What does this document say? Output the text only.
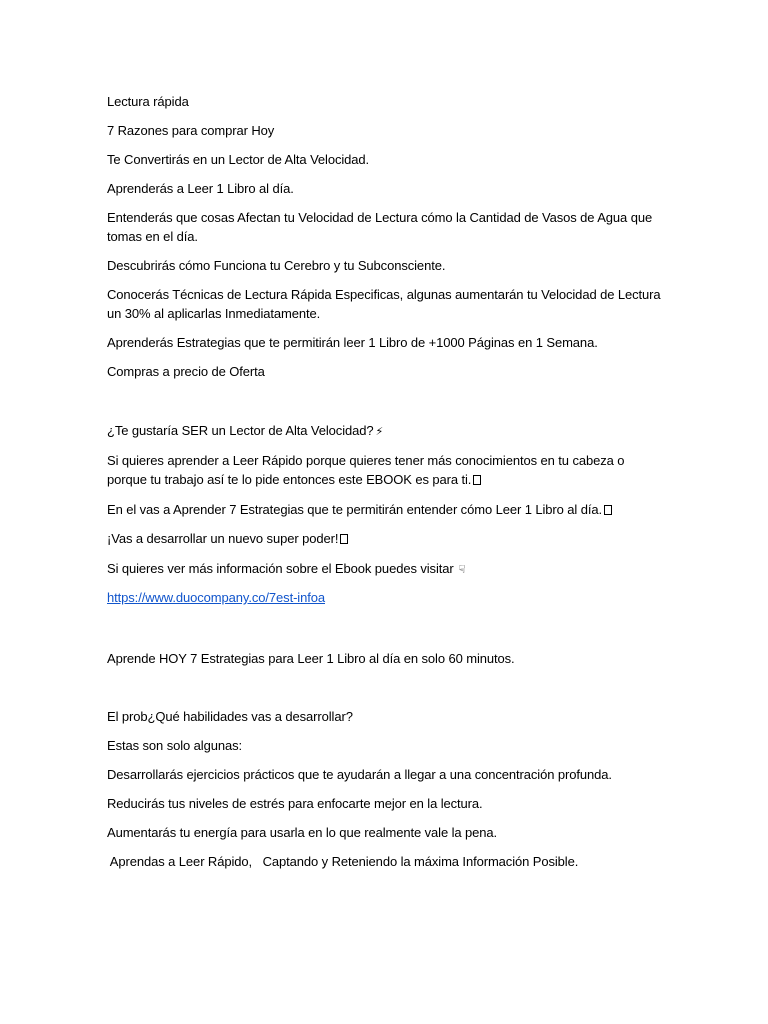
Lectura rápida
7 Razones para comprar Hoy
Te Convertirás en un Lector de Alta Velocidad.
Aprenderás a Leer 1 Libro al día.
Entenderás que cosas Afectan tu Velocidad de Lectura cómo la Cantidad de Vasos de Agua que tomas en el día.
Descubrirás cómo Funciona tu Cerebro y tu Subconsciente.
Conocerás Técnicas de Lectura Rápida Especificas, algunas aumentarán tu Velocidad de Lectura un 30% al aplicarlas Inmediatamente.
Aprenderás Estrategias que te permitirán leer 1 Libro de +1000 Páginas en 1 Semana.
Compras a precio de Oferta
¿Te gustaría SER un Lector de Alta Velocidad? ⚡
Si quieres aprender a Leer Rápido porque quieres tener más conocimientos en tu cabeza o porque tu trabajo así te lo pide entonces este EBOOK es para ti.
En el vas a Aprender 7 Estrategias que te permitirán entender cómo Leer 1 Libro al día.
¡Vas a desarrollar un nuevo super poder!
Si quieres ver más información sobre el Ebook puedes visitar ☟
https://www.duocompany.co/7est-infoa
Aprende HOY 7 Estrategias para Leer 1 Libro al día en solo 60 minutos.
El prob¿Qué habilidades vas a desarrollar?
Estas son solo algunas:
Desarrollarás ejercicios prácticos que te ayudarán a llegar a una concentración profunda.
Reducirás tus niveles de estrés para enfocarte mejor en la lectura.
Aumentarás tu energía para usarla en lo que realmente vale la pena.
Aprendas a Leer Rápido,   Captando y Reteniendo la máxima Información Posible.
